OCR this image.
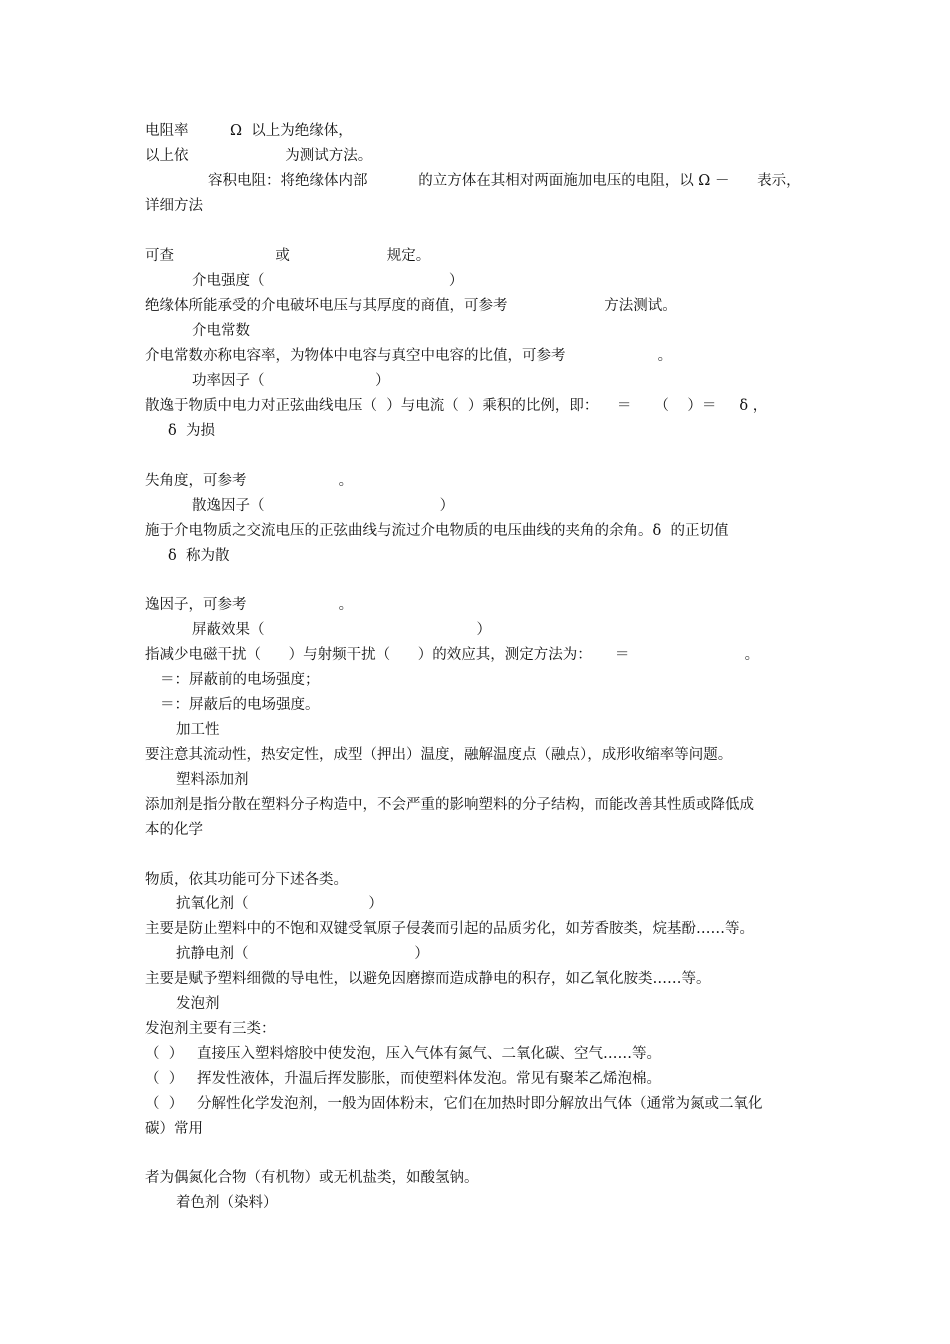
电阻率         Ω  以上为绝缘体，
以上依                     为测试方法。
容积电阻：将绝缘体内部           的立方体在其相对两面施加电压的电阻，以 Ω －      表示，
详细方法
可查                      或                     规定。
介电强度（                                        ）
绝缘体所能承受的介电破坏电压与其厚度的商值，可参考                     方法测试。
介电常数
介电常数亦称电容率，为物体中电容与真空中电容的比值，可参考                    。
功率因子（                        ）
散逸于物质中电力对正弦曲线电压（  ）与电流（  ）乘积的比例，即：    ＝     （    ）＝     δ ，
δ  为损
失角度，可参考                    。
散逸因子（                                      ）
施于介电物质之交流电压的正弦曲线与流过介电物质的电压曲线的夹角的余角。δ  的正切值
δ  称为散
逸因子，可参考                    。
屏蔽效果（                                              ）
指减少电磁干扰（      ）与射频干扰（      ）的效应其，测定方法为：     ＝                         。
＝：屏蔽前的电场强度；
＝：屏蔽后的电场强度。
加工性
要注意其流动性，热安定性，成型（押出）温度，融解温度点（融点），成形收缩率等问题。
塑料添加剂
添加剂是指分散在塑料分子构造中，不会严重的影响塑料的分子结构，而能改善其性质或降低成
本的化学
物质，依其功能可分下述各类。
抗氧化剂（                          ）
主要是防止塑料中的不饱和双键受氧原子侵袭而引起的品质劣化，如芳香胺类，烷基酚……等。
抗静电剂（                                    ）
主要是赋予塑料细微的导电性，以避免因磨擦而造成静电的积存，如乙氧化胺类……等。
发泡剂
发泡剂主要有三类：
（  ）   直接压入塑料熔胶中使发泡，压入气体有氮气、二氧化碳、空气……等。
（  ）   挥发性液体，升温后挥发膨胀，而使塑料体发泡。常见有聚苯乙烯泡棉。
（  ）   分解性化学发泡剂，一般为固体粉末，它们在加热时即分解放出气体（通常为氮或二氧化
碳）常用
者为偶氮化合物（有机物）或无机盐类，如酸氢钠。
着色剂（染料）
